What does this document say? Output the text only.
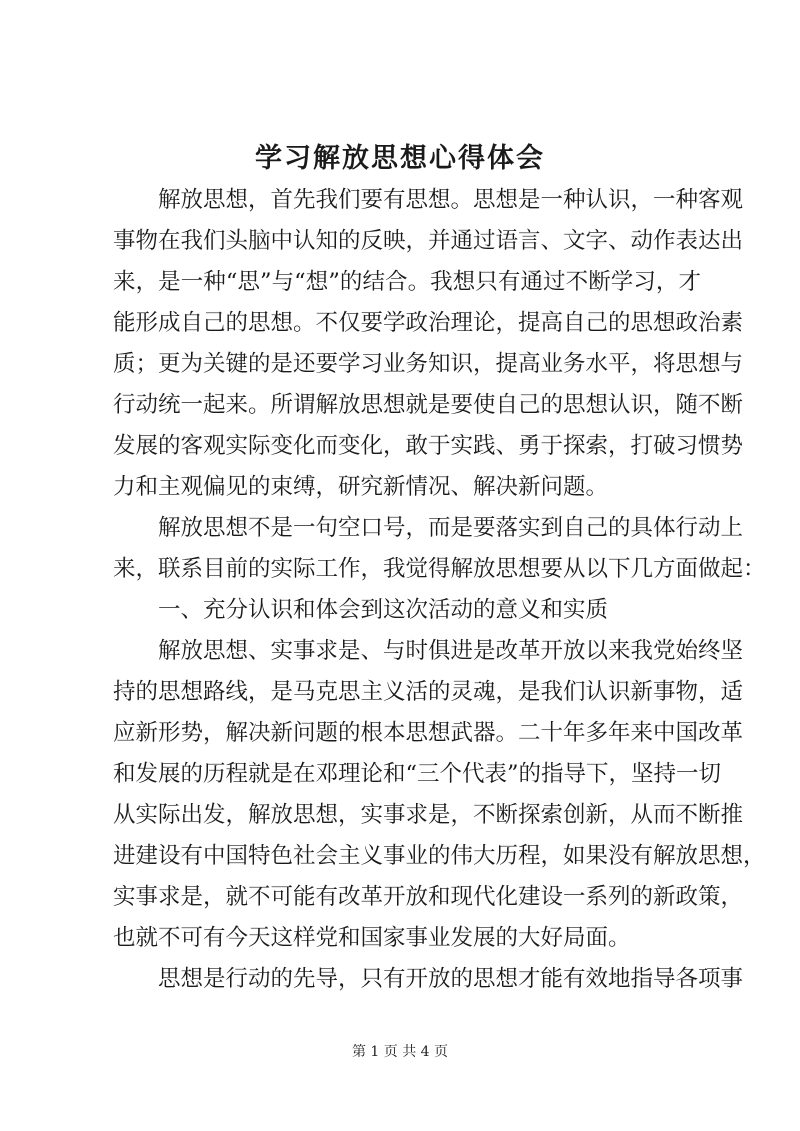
学习解放思想心得体会
解放思想，首先我们要有思想。思想是一种认识，一种客观
事物在我们头脑中认知的反映，并通过语言、文字、动作表达出
来，是一种“思”与“想”的结合。我想只有通过不断学习，才
能形成自己的思想。不仅要学政治理论，提高自己的思想政治素
质；更为关键的是还要学习业务知识，提高业务水平，将思想与
行动统一起来。所谓解放思想就是要使自己的思想认识，随不断
发展的客观实际变化而变化，敢于实践、勇于探索，打破习惯势
力和主观偏见的束缚，研究新情况、解决新问题。
解放思想不是一句空口号，而是要落实到自己的具体行动上
来，联系目前的实际工作，我觉得解放思想要从以下几方面做起：
一、充分认识和体会到这次活动的意义和实质
解放思想、实事求是、与时俱进是改革开放以来我党始终坚
持的思想路线，是马克思主义活的灵魂，是我们认识新事物，适
应新形势，解决新问题的根本思想武器。二十年多年来中国改革
和发展的历程就是在邓理论和“三个代表”的指导下，坚持一切
从实际出发，解放思想，实事求是，不断探索创新，从而不断推
进建设有中国特色社会主义事业的伟大历程，如果没有解放思想，
实事求是，就不可能有改革开放和现代化建设一系列的新政策，
也就不可有今天这样党和国家事业发展的大好局面。
思想是行动的先导，只有开放的思想才能有效地指导各项事
第 1 页 共 4 页
